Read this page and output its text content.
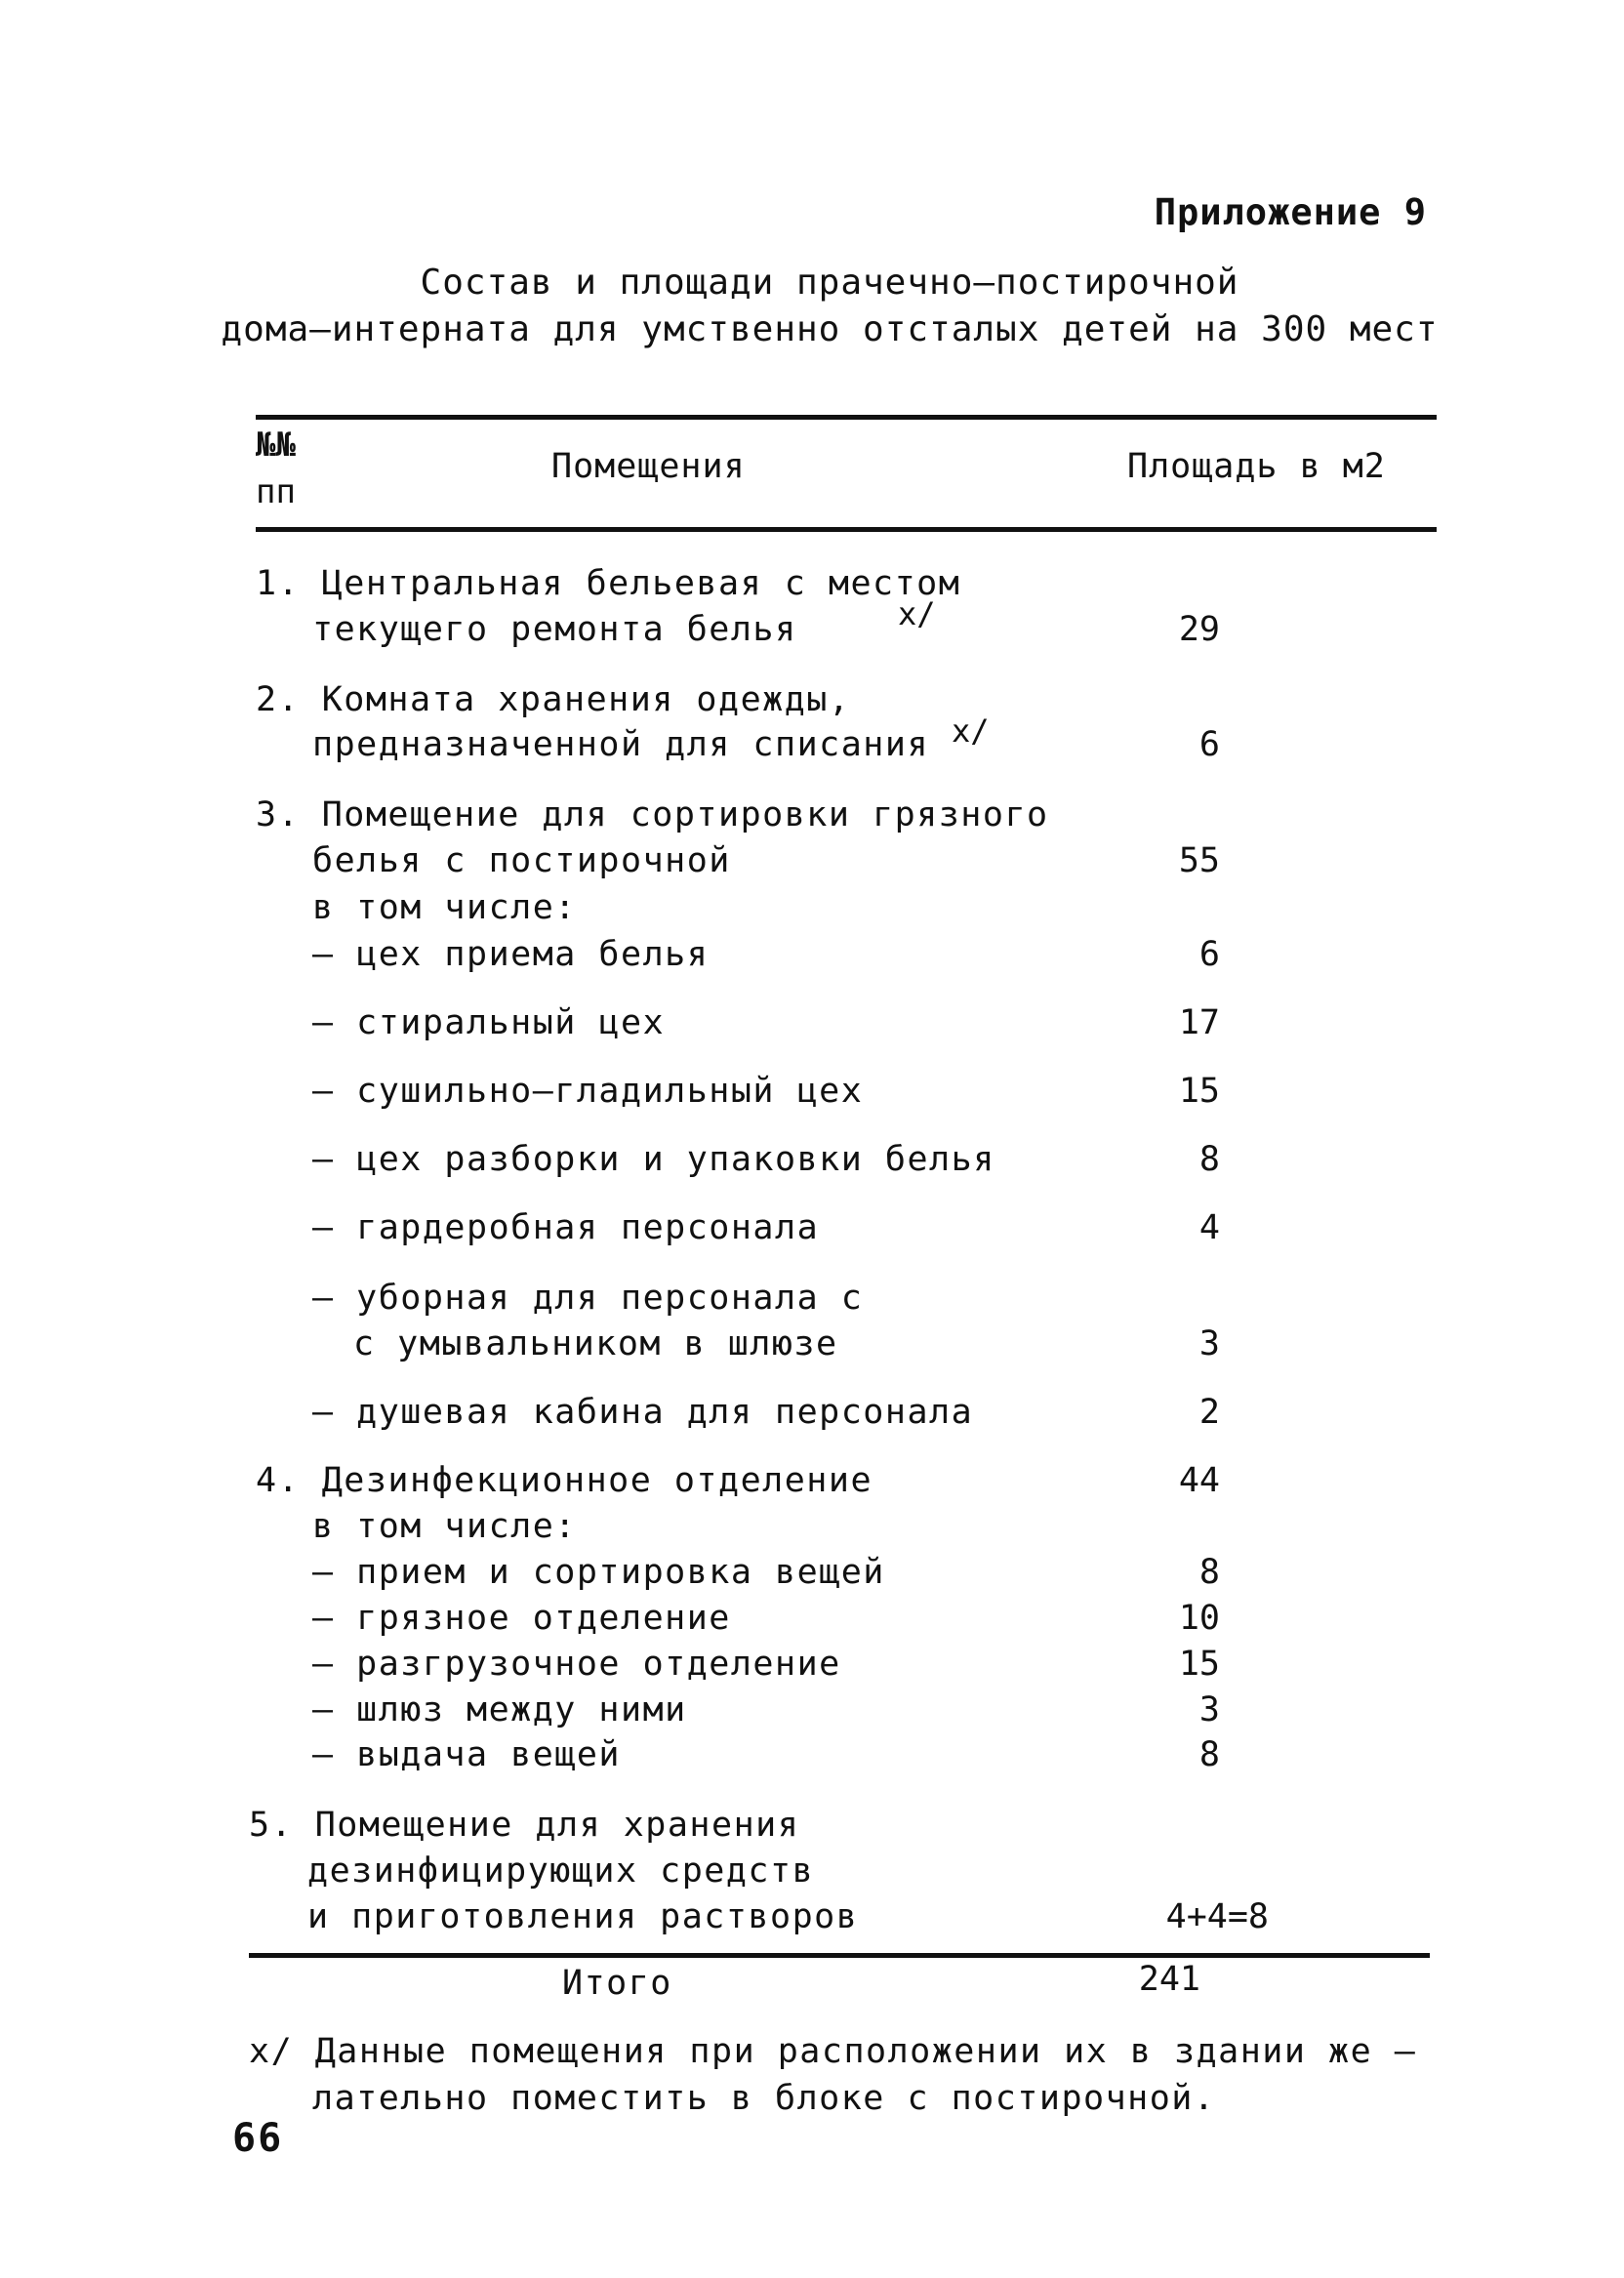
Приложение 9
Состав и площади прачечно–постирочной
дома–интерната для умственно отсталых детей на 300 мест
№№
пп
Помещения	Площадь в м2
1. Центральная бельевая с местом
текущего ремонта белья	x/	29
2. Комната хранения одежды,
предназначенной для списания x/	6
3. Помещение для сортировки грязного
белья с постирочной	55
в том числе:
– цех приема белья	6
– стиральный цех	17
– сушильно–гладильный цех	15
– цех разборки и упаковки белья	8
– гардеробная персонала	4
– уборная для персонала с
с умывальником в шлюзе	3
– душевая кабина для персонала	2
4. Дезинфекционное отделение	44
в том числе:
– прием и сортировка вещей	8
– грязное отделение	10
– разгрузочное отделение	15
– шлюз между ними	3
– выдача вещей	8
5. Помещение для хранения
дезинфицирующих средств
и приготовления растворов	4+4=8
Итого	241
x/ Данные помещения при расположении их в здании же –
лательно поместить в блоке с постирочной.
66
